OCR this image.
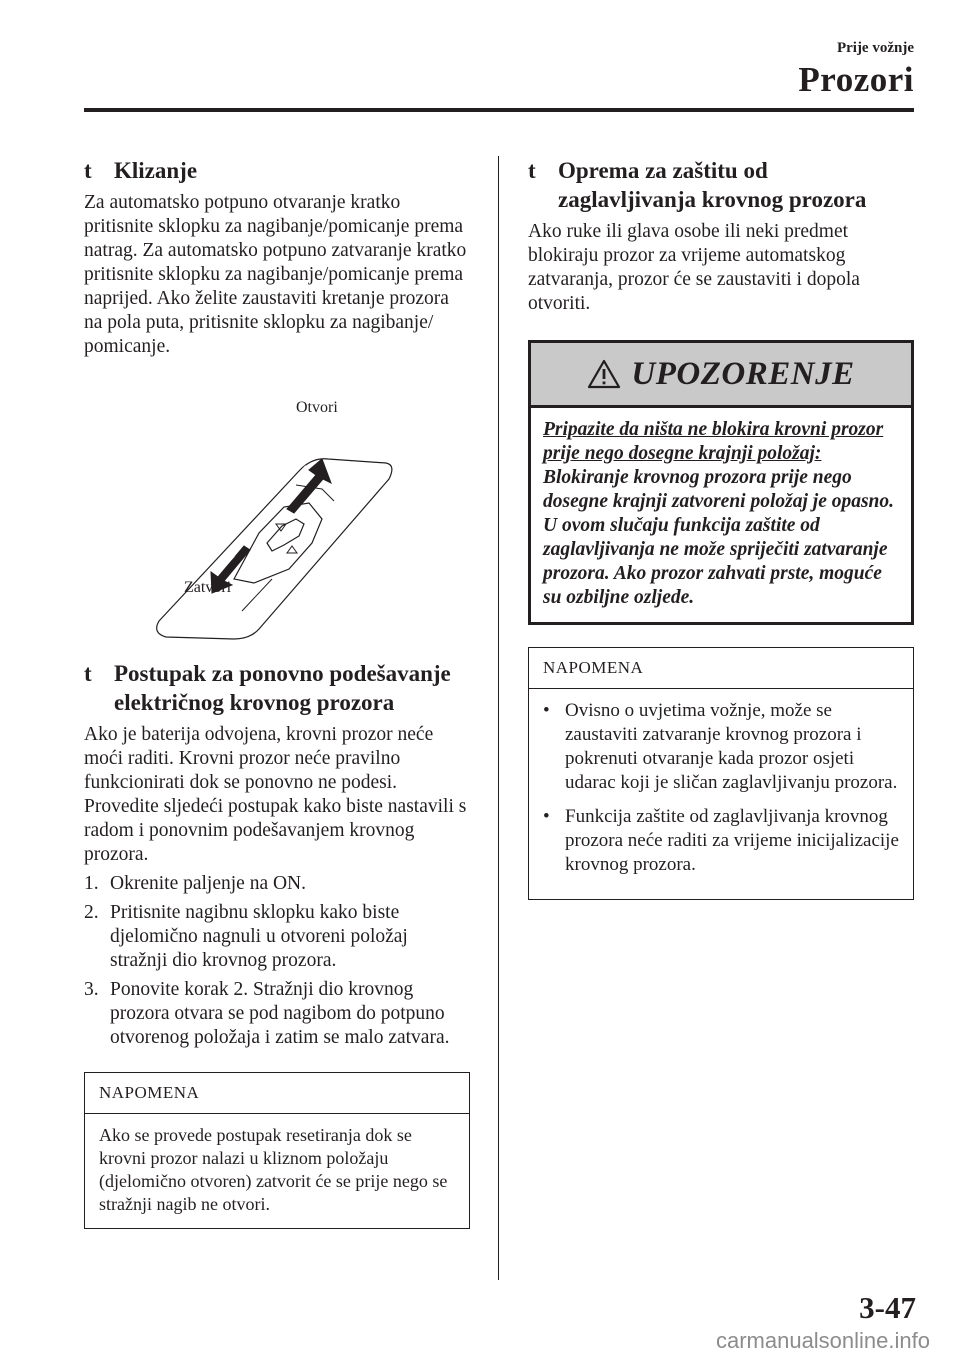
Prije vožnje
Prozori
t Klizanje

Za automatsko potpuno otvaranje kratko pritisnite sklopku za nagibanje/pomicanje prema natrag. Za automatsko potpuno zatvaranje kratko pritisnite sklopku za nagibanje/pomicanje prema naprijed. Ako želite zaustaviti kretanje prozora na pola puta, pritisnite sklopku za nagibanje/ pomicanje.

Otvori
Zatvori
t Postupak za ponovno podešavanje
električnog krovnog prozora

Ako je baterija odvojena, krovni prozor neće moći raditi. Krovni prozor neće pravilno funkcionirati dok se ponovno ne podesi. Provedite sljedeći postupak kako biste nastavili s radom i ponovnim podešavanjem krovnog prozora.

1. Okrenite paljenje na ON.
2. Pritisnite nagibnu sklopku kako biste djelomično nagnuli u otvoreni položaj stražnji dio krovnog prozora.
3. Ponovite korak 2. Stražnji dio krovnog prozora otvara se pod nagibom do potpuno otvorenog položaja i zatim se malo zatvara.
NAPOMENA
Ako se provede postupak resetiranja dok se krovni prozor nalazi u kliznom položaju (djelomično otvoren) zatvorit će se prije nego se stražnji nagib ne otvori.
t Oprema za zaštitu od
zaglavljivanja krovnog prozora

Ako ruke ili glava osobe ili neki predmet blokiraju prozor za vrijeme automatskog zatvaranja, prozor će se zaustaviti i dopola otvoriti.

UPOZORENJE
Pripazite da ništa ne blokira krovni prozor prije nego dosegne krajnji položaj:
Blokiranje krovnog prozora prije nego dosegne krajnji zatvoreni položaj je opasno. U ovom slučaju funkcija zaštite od zaglavljivanja ne može spriječiti zatvaranje prozora. Ako prozor zahvati prste, moguće su ozbiljne ozljede.
NAPOMENA
• Ovisno o uvjetima vožnje, može se zaustaviti zatvaranje krovnog prozora i pokrenuti otvaranje kada prozor osjeti udarac koji je sličan zaglavljivanju prozora.
• Funkcija zaštite od zaglavljivanja krovnog prozora neće raditi za vrijeme inicijalizacije krovnog prozora.
3-47
carmanualsonline.info
